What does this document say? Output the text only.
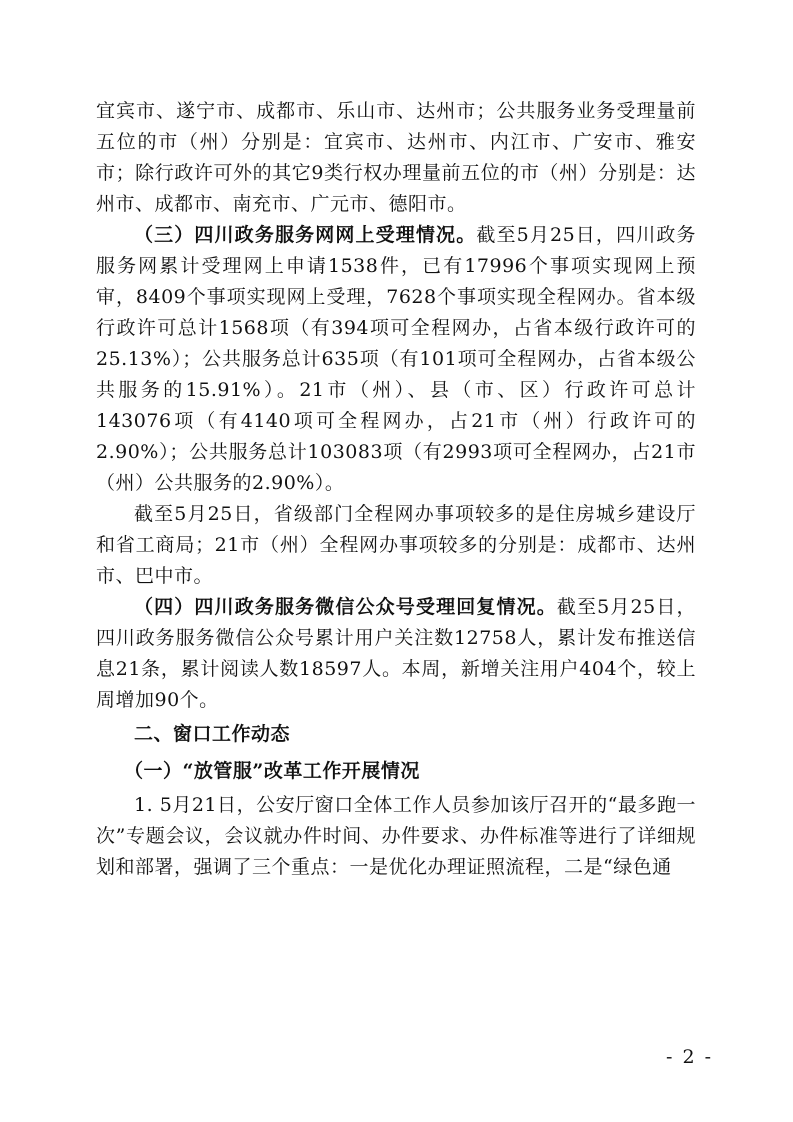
宜宾市、遂宁市、成都市、乐山市、达州市；公共服务业务受理量前五位的市（州）分别是：宜宾市、达州市、内江市、广安市、雅安市；除行政许可外的其它9类行权办理量前五位的市（州）分别是：达州市、成都市、南充市、广元市、德阳市。

（三）四川政务服务网网上受理情况。截至5月25日，四川政务服务网累计受理网上申请1538件，已有17996个事项实现网上预审，8409个事项实现网上受理，7628个事项实现全程网办。省本级行政许可总计1568项（有394项可全程网办，占省本级行政许可的25.13%）；公共服务总计635项（有101项可全程网办，占省本级公共服务的15.91%）。21市（州）、县（市、区）行政许可总计143076项（有4140项可全程网办，占21市（州）行政许可的2.90%）；公共服务总计103083项（有2993项可全程网办，占21市（州）公共服务的2.90%）。

截至5月25日，省级部门全程网办事项较多的是住房城乡建设厅和省工商局；21市（州）全程网办事项较多的分别是：成都市、达州市、巴中市。

（四）四川政务服务微信公众号受理回复情况。截至5月25日，四川政务服务微信公众号累计用户关注数12758人，累计发布推送信息21条，累计阅读人数18597人。本周，新增关注用户404个，较上周增加90个。

二、窗口工作动态

（一）“放管服”改革工作开展情况

1. 5月21日，公安厅窗口全体工作人员参加该厅召开的“最多跑一次”专题会议，会议就办件时间、办件要求、办件标准等进行了详细规划和部署，强调了三个重点：一是优化办理证照流程，二是“绿色通

- 2 -
